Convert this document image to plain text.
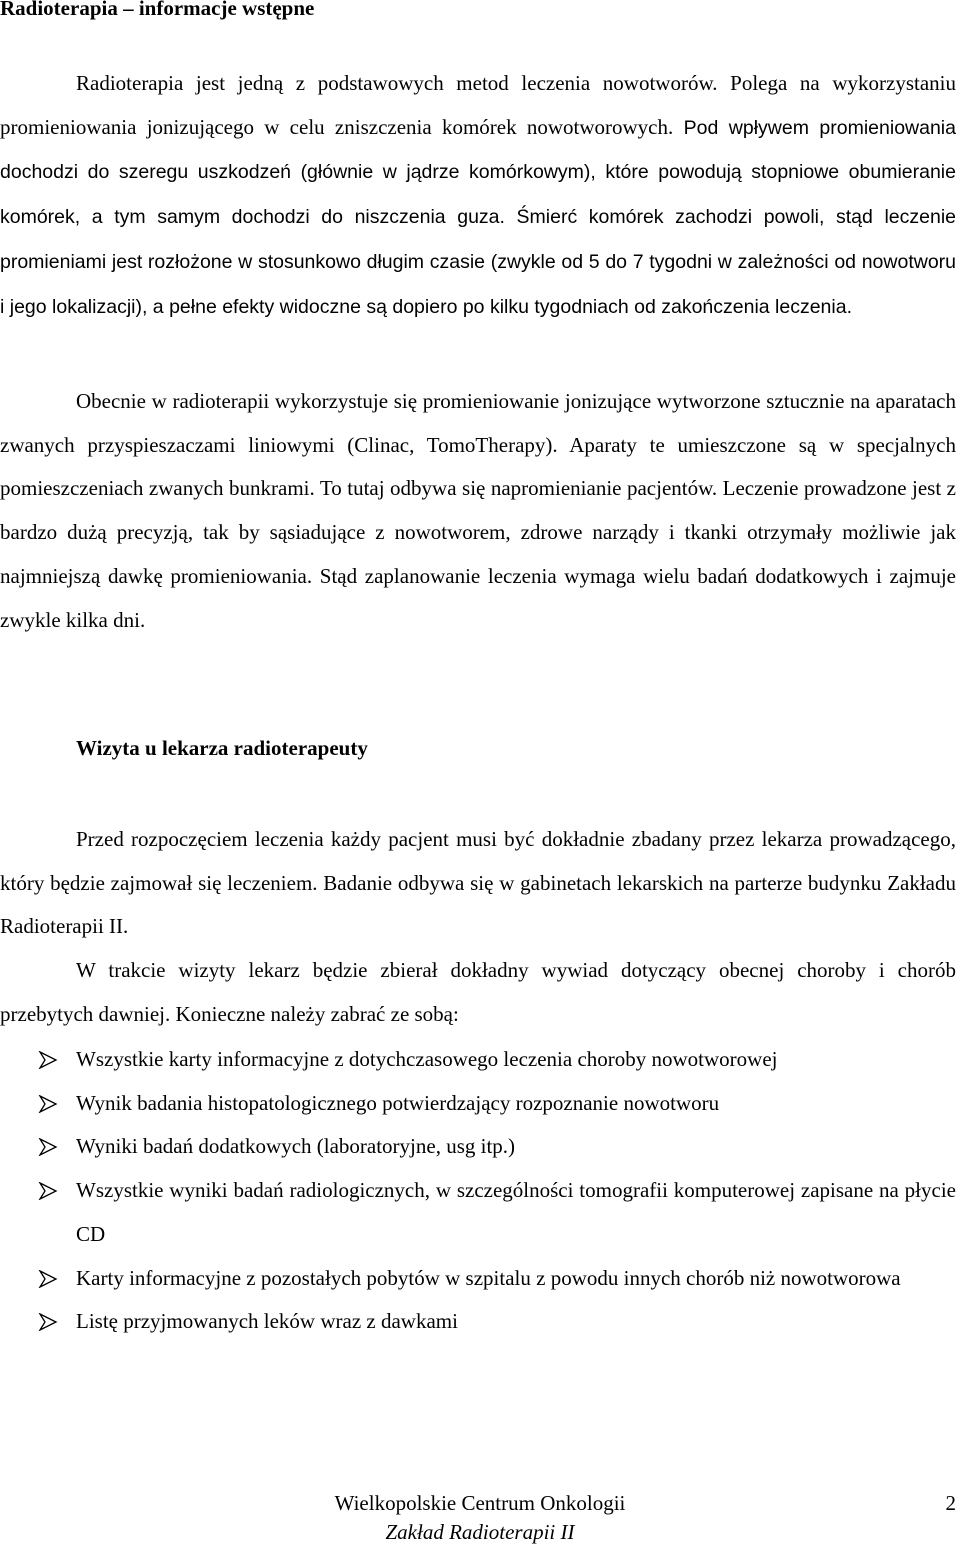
Radioterapia – informacje wstępne

Radioterapia jest jedną z podstawowych metod leczenia nowotworów. Polega na wykorzystaniu promieniowania jonizującego w celu zniszczenia komórek nowotworowych. Pod wpływem promieniowania dochodzi do szeregu uszkodzeń (głównie w jądrze komórkowym), które powodują stopniowe obumieranie komórek, a tym samym dochodzi do niszczenia guza. Śmierć komórek zachodzi powoli, stąd leczenie promieniami jest rozłożone w stosunkowo długim czasie (zwykle od 5 do 7 tygodni w zależności od nowotworu i jego lokalizacji), a pełne efekty widoczne są dopiero po kilku tygodniach od zakończenia leczenia.

Obecnie w radioterapii wykorzystuje się promieniowanie jonizujące wytworzone sztucznie na aparatach zwanych przyspieszaczami liniowymi (Clinac, TomoTherapy). Aparaty te umieszczone są w specjalnych pomieszczeniach zwanych bunkrami. To tutaj odbywa się napromienianie pacjentów. Leczenie prowadzone jest z bardzo dużą precyzją, tak by sąsiadujące z nowotworem, zdrowe narządy i tkanki otrzymały możliwie jak najmniejszą dawkę promieniowania. Stąd zaplanowanie leczenia wymaga wielu badań dodatkowych i zajmuje zwykle kilka dni.

Wizyta u lekarza radioterapeuty

Przed rozpoczęciem leczenia każdy pacjent musi być dokładnie zbadany przez lekarza prowadzącego, który będzie zajmował się leczeniem. Badanie odbywa się w gabinetach lekarskich na parterze budynku Zakładu Radioterapii II.

W trakcie wizyty lekarz będzie zbierał dokładny wywiad dotyczący obecnej choroby i chorób przebytych dawniej. Konieczne należy zabrać ze sobą:

Wszystkie karty informacyjne z dotychczasowego leczenia choroby nowotworowej
Wynik badania histopatologicznego potwierdzający rozpoznanie nowotworu
Wyniki badań dodatkowych (laboratoryjne, usg itp.)
Wszystkie wyniki badań radiologicznych, w szczególności tomografii komputerowej zapisane na płycie CD
Karty informacyjne z pozostałych pobytów w szpitalu z powodu innych chorób niż nowotworowa
Listę przyjmowanych leków wraz z dawkami
Wielkopolskie Centrum Onkologii
Zakład Radioterapii II
2
